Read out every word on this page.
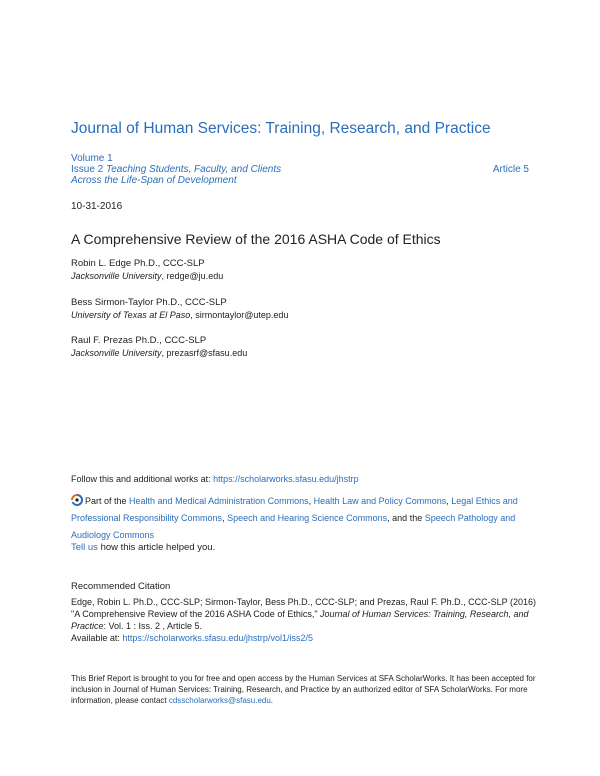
Journal of Human Services: Training, Research, and Practice
Volume 1
Issue 2 Teaching Students, Faculty, and Clients
Across the Life-Span of Development
Article 5
10-31-2016
A Comprehensive Review of the 2016 ASHA Code of Ethics
Robin L. Edge Ph.D., CCC-SLP
Jacksonville University, redge@ju.edu
Bess Sirmon-Taylor Ph.D., CCC-SLP
University of Texas at El Paso, sirmontaylor@utep.edu
Raul F. Prezas Ph.D., CCC-SLP
Jacksonville University, prezasrf@sfasu.edu
Follow this and additional works at: https://scholarworks.sfasu.edu/jhstrp
Part of the Health and Medical Administration Commons, Health Law and Policy Commons, Legal Ethics and Professional Responsibility Commons, Speech and Hearing Science Commons, and the Speech Pathology and Audiology Commons
Tell us how this article helped you.
Recommended Citation
Edge, Robin L. Ph.D., CCC-SLP; Sirmon-Taylor, Bess Ph.D., CCC-SLP; and Prezas, Raul F. Ph.D., CCC-SLP (2016) "A Comprehensive Review of the 2016 ASHA Code of Ethics," Journal of Human Services: Training, Research, and Practice: Vol. 1 : Iss. 2 , Article 5.
Available at: https://scholarworks.sfasu.edu/jhstrp/vol1/iss2/5
This Brief Report is brought to you for free and open access by the Human Services at SFA ScholarWorks. It has been accepted for inclusion in Journal of Human Services: Training, Research, and Practice by an authorized editor of SFA ScholarWorks. For more information, please contact cdsscholarworks@sfasu.edu.
